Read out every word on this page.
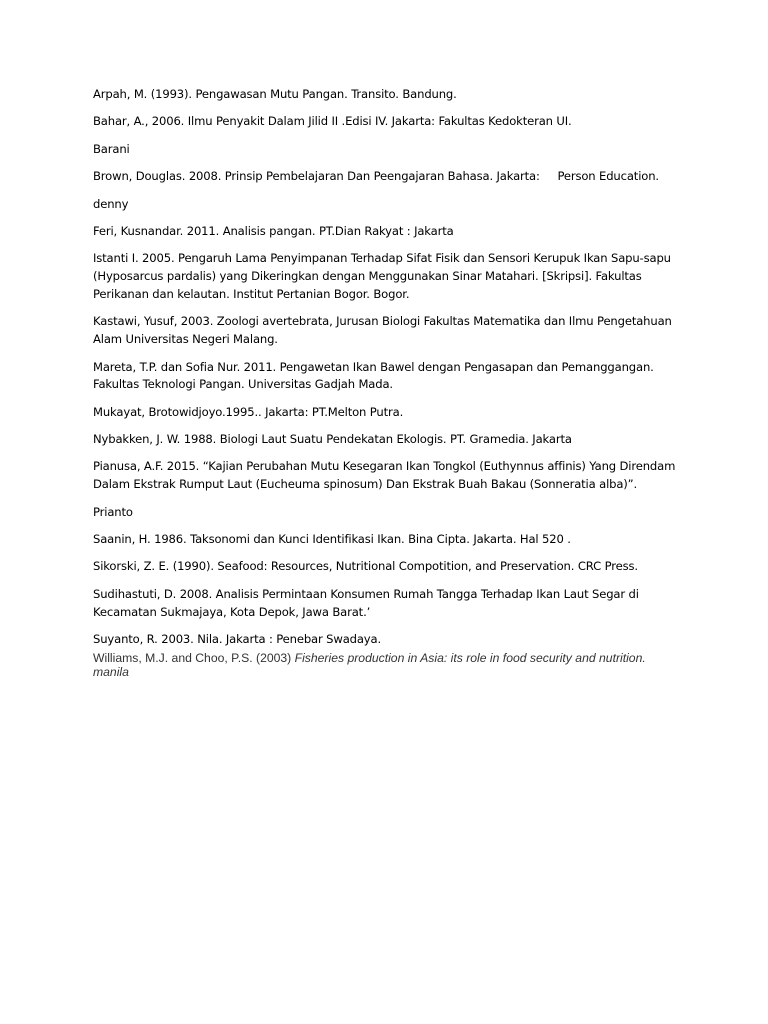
Arpah, M. (1993). Pengawasan Mutu Pangan. Transito. Bandung.
Bahar, A., 2006. Ilmu Penyakit Dalam Jilid II .Edisi IV. Jakarta: Fakultas Kedokteran UI.
Barani
Brown, Douglas. 2008. Prinsip Pembelajaran Dan Peengajaran Bahasa. Jakarta:     Person Education.
denny
Feri, Kusnandar. 2011. Analisis pangan. PT.Dian Rakyat : Jakarta
Istanti I. 2005. Pengaruh Lama Penyimpanan Terhadap Sifat Fisik dan Sensori Kerupuk Ikan Sapu-sapu (Hyposarcus pardalis) yang Dikeringkan dengan Menggunakan Sinar Matahari. [Skripsi]. Fakultas Perikanan dan kelautan. Institut Pertanian Bogor. Bogor.
Kastawi, Yusuf, 2003. Zoologi avertebrata, Jurusan Biologi Fakultas Matematika dan Ilmu Pengetahuan Alam Universitas Negeri Malang.
Mareta, T.P. dan Sofia Nur. 2011. Pengawetan Ikan Bawel dengan Pengasapan dan Pemanggangan. Fakultas Teknologi Pangan. Universitas Gadjah Mada.
Mukayat, Brotowidjoyo.1995.. Jakarta: PT.Melton Putra.
Nybakken, J. W. 1988. Biologi Laut Suatu Pendekatan Ekologis. PT. Gramedia. Jakarta
Pianusa, A.F. 2015. “Kajian Perubahan Mutu Kesegaran Ikan Tongkol (Euthynnus affinis) Yang Direndam Dalam Ekstrak Rumput Laut (Eucheuma spinosum) Dan Ekstrak Buah Bakau (Sonneratia alba)”.
Prianto
Saanin, H. 1986. Taksonomi dan Kunci Identifikasi Ikan. Bina Cipta. Jakarta. Hal 520 .
Sikorski, Z. E. (1990). Seafood: Resources, Nutritional Compotition, and Preservation. CRC Press.
Sudihastuti, D. 2008. Analisis Permintaan Konsumen Rumah Tangga Terhadap Ikan Laut Segar di Kecamatan Sukmajaya, Kota Depok, Jawa Barat.’
Suyanto, R. 2003. Nila. Jakarta : Penebar Swadaya.
Williams, M.J. and Choo, P.S. (2003) Fisheries production in Asia: its role in food security and nutrition. manila
